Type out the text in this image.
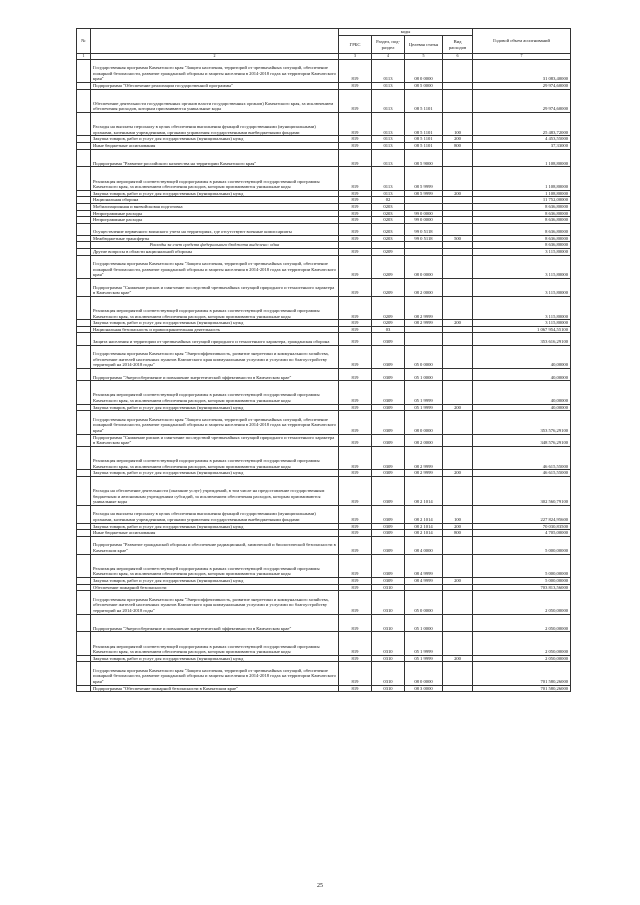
№		коды				Годовой объем ассигнований
		ГРБС	Раздел, под-раздел	Целевая статья	Вид расходов	
1	2	3	4	5	6	7
	Государственная программа Камчатского края "Защита населения, территорий от чрезвычайных ситуаций, обеспечение пожарной безопасности, развитие гражданской обороны и защиты населения в 2014-2018 годах на территории Камчатского края"	819	0113	08 0 0000		31 083,40000
	Подпрограмма "Обеспечение реализации государственной программы"	819	0113	08 5 0000		29 974,60000
	Обеспечение деятельности государственных органов власти государственных органов) Камчатского края, за исключением обеспечения расходов, которым присваиваются уникальные коды	819	0113	08 5 1101		29 974,60000
	Расходы на выплаты персоналу в целях обеспечения выполнения функций государственными (муниципальными) органами, казенными учреждениями, органами управления государственными внебюджетными фондами	819	0113	08 5 1101	100	25 483,72000
	Закупка товаров, работ и услуг для государственных (муниципальных) нужд	819	0113	08 5 1101	200	4 453,55000
	Иные бюджетные ассигнования	819	0113	08 5 1101	800	37,33000
	Подпрограмма "Развитие российского казачества на территории Камчатского края"	819	0113	08 5 9000		1 108,80000
	Реализация мероприятий соответствующей подпрограммы в рамках соответствующей государственной программы Камчатского края, за исключением обеспечения расходов, которым присваиваются уникальные коды	819	0113	08 5 9999		1 108,80000
	Закупка товаров, работ и услуг для государственных (муниципальных) нужд	819	0113	08 5 9999	200	1 108,80000
	Национальная оборона	819	02			11 752,00000
	Мобилизационная и вневойсковая подготовка	819	0203			8 636,80000
	Непрограммные расходы	819	0203	99 0 0000		8 636,80000
	Непрограммные расходы	819	0203	99 0 0000		8 636,80000
	Осуществление первичного воинского учета на территориях, где отсутствуют военные комиссариаты	819	0203	99 0 5118		8 636,80000
	Межбюджетные трансферты	819	0203	99 0 5118	500	8 636,80000
	Расходы за счет средств федерального бюджета выделено: одна					8 636,80000
	Другие вопросы в области национальной обороны	819	0209			3 115,80000
	Государственная программа Камчатского края "Защита населения, территорий от чрезвычайных ситуаций, обеспечение пожарной безопасности, развитие гражданской обороны и защиты населения в 2014-2018 годах на территории Камчатского края"	819	0209	08 0 0000		3 115,80000
	Подпрограмма "Снижение рисков и смягчение последствий чрезвычайных ситуаций природного и техногенного характера в Камчатском крае"	819	0209	08 2 0000		3 115,80000
	Реализация мероприятий соответствующей подпрограммы в рамках соответствующей государственной программы Камчатского края, за исключением обеспечения расходов, которым присваиваются уникальные коды	819	0209	08 2 9999		3 115,80000
	Закупка товаров, работ и услуг для государственных (муниципальных) нужд	819	0209	08 2 9999	200	3 115,80000
	Национальная безопасность и правоохранительная деятельность	819	03			1 067 954,55100
	Защита населения и территории от чрезвычайных ситуаций природного и техногенного характера, гражданская оборона	819	0309			353 616,29100
	Государственная программа Камчатского края "Энергоэффективность, развитие энергетики и коммунального хозяйства, обеспечение жителей населенных пунктов Камчатского края коммунальными услугами и услугами по благоустройству территорий на 2014-2018 годы"	819	0309	05 0 0000		40,00000
	Подпрограмма "Энергосбережение и повышение энергетической эффективности в Камчатском крае"	819	0309	05 1 0000		40,00000
	Реализация мероприятий соответствующей подпрограммы в рамках соответствующей государственной программы Камчатского края, за исключением обеспечения расходов, которым присваиваются уникальные коды	819	0309	05 1 9999		40,00000
	Закупка товаров, работ и услуг для государственных (муниципальных) нужд	819	0309	05 1 9999	200	40,00000
	Государственная программа Камчатского края "Защита населения, территорий от чрезвычайных ситуаций, обеспечение пожарной безопасности, развитие гражданской обороны и защиты населения в 2014-2018 годах на территории Камчатского края"	819	0309	08 0 0000		353 576,29100
	Подпрограмма "Снижение рисков и смягчение последствий чрезвычайных ситуаций природного и техногенного характера в Камчатском крае"	819	0309	08 2 0000		348 576,29100
	Реализация мероприятий соответствующей подпрограммы в рамках соответствующей государственной программы Камчатского края, за исключением обеспечения расходов, которым присваиваются уникальные коды	819	0309	08 2 9999		46 615,55000
	Закупка товаров, работ и услуг для государственных (муниципальных) нужд	819	0309	08 2 9999	200	46 615,55000
	Расходы на обеспечение деятельности (оказание услуг) учреждений, в том числе на предоставление государственным бюджетным и автономным учреждениям субсидий, за исключением обеспечения расходов, которым присваиваются уникальные коды	819	0309	08 2 1014		302 560,79100
	Расходы на выплаты персоналу в целях обеспечения выполнения функций государственными (муниципальными) органами, казенными учреждениями, органами управления государственными внебюджетными фондами	819	0309	08 2 1014	100	227 824,95600
	Закупка товаров, работ и услуг для государственных (муниципальных) нужд	819	0309	08 2 1014	200	70 030,83500
	Иные бюджетные ассигнования	819	0309	08 2 1014	800	4 705,00000
	Подпрограмма "Развитие гражданской обороны и обеспечение радиационной, химической и биологической безопасности в Камчатском крае"	819	0309	08 4 0000		5 000,00000
	Реализация мероприятий соответствующей подпрограммы в рамках соответствующей государственной программы Камчатского края, за исключением обеспечения расходов, которым присваиваются уникальные коды	819	0309	08 4 9999		5 000,00000
	Закупка товаров, работ и услуг для государственных (муниципальных) нужд	819	0309	08 4 9999	200	5 000,00000
	Обеспечение пожарной безопасности	819	0310			703 813,56000
	Государственная программа Камчатского края "Энергоэффективность, развитие энергетики и коммунального хозяйства, обеспечение жителей населенных пунктов Камчатского края коммунальными услугами и услугами по благоустройству территорий на 2014-2018 годы"	819	0310	05 0 0000		2 050,00000
	Подпрограмма "Энергосбережение и повышение энергетической эффективности в Камчатском крае"	819	0310	05 1 0000		2 050,00000
	Реализация мероприятий соответствующей подпрограммы в рамках соответствующей государственной программы Камчатского края, за исключением обеспечения расходов, которым присваиваются уникальные коды	819	0310	05 1 9999		2 050,00000
	Закупка товаров, работ и услуг для государственных (муниципальных) нужд	819	0310	05 1 9999	200	2 050,00000
	Государственная программа Камчатского края "Защита населения, территорий от чрезвычайных ситуаций, обеспечение пожарной безопасности, развитие гражданской обороны и защиты населения в 2014-2018 годах на территории Камчатского края"	819	0310	08 0 0000		701 580,26000
	Подпрограмма "Обеспечение пожарной безопасности в Камчатском крае"	819	0310	08 3 0000		701 580,26000
25
